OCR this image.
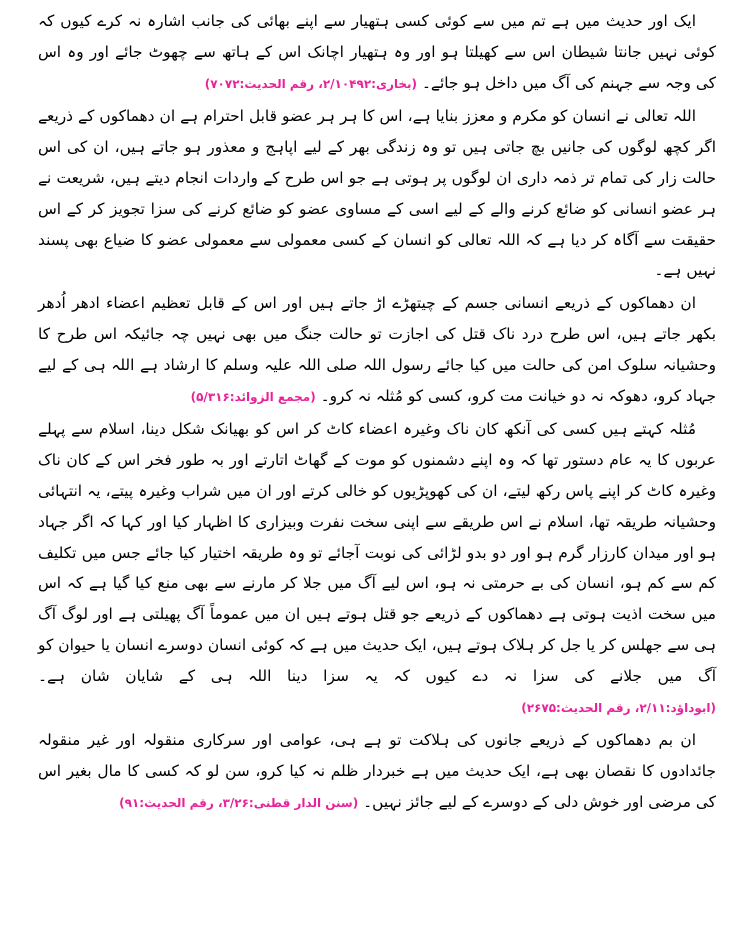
ایک اور حدیث میں ہے تم میں سے کوئی کسی ہتھیار سے اپنے بھائی کی جانب اشارہ نہ کرے کیوں کہ کوئی نہیں جانتا شیطان اس سے کھیلتا ہو اور وہ ہتھیار اچانک اس کے ہاتھ سے چھوٹ جائے اور وہ اس کی وجہ سے جہنم کی آگ میں داخل ہو جائے۔ (بخاری:۲/۱۰۴۹۲، رقم الحدیث:۷۰۷۲)

اللہ تعالی نے انسان کو مکرم و معزز بنایا ہے، اس کا ہر ہر عضو قابل احترام ہے ان دھماکوں کے ذریعے اگر کچھ لوگوں کی جانیں بچ جاتی ہیں تو وہ زندگی بھر کے لیے اپاہج و معذور ہو جاتے ہیں، ان کی اس حالت زار کی تمام تر ذمہ داری ان لوگوں پر ہوتی ہے جو اس طرح کے واردات انجام دیتے ہیں، شریعت نے ہر عضو انسانی کو ضائع کرنے والے کے لیے اسی کے مساوی عضو کو ضائع کرنے کی سزا تجویز کر کے اس حقیقت سے آگاہ کر دیا ہے کہ اللہ تعالی کو انسان کے کسی معمولی سے معمولی عضو کا ضیاع بھی پسند نہیں ہے۔

ان دھماکوں کے ذریعے انسانی جسم کے چیتھڑے اڑ جاتے ہیں اور اس کے قابل تعظیم اعضاء ادھر اُدھر بکھر جاتے ہیں، اس طرح درد ناک قتل کی اجازت تو حالت جنگ میں بھی نہیں چہ جائیکہ اس طرح کا وحشیانہ سلوک امن کی حالت میں کیا جائے رسول اللہ صلی اللہ علیہ وسلم کا ارشاد ہے اللہ ہی کے لیے جہاد کرو، دھوکہ نہ دو خیانت مت کرو، کسی کو مُثلہ نہ کرو۔ (مجمع الزوائد:۵/۳۱۶)

مُثلہ کہتے ہیں کسی کی آنکھ کان ناک وغیرہ اعضاء کاٹ کر اس کو بھیانک شکل دینا، اسلام سے پہلے عربوں کا یہ عام دستور تھا کہ وہ اپنے دشمنوں کو موت کے گھاٹ اتارتے اور بہ طور فخر اس کے کان ناک وغیرہ کاٹ کر اپنے پاس رکھ لیتے، ان کی کھوپڑیوں کو خالی کرتے اور ان میں شراب وغیرہ پیتے، یہ انتہائی وحشیانہ طریقہ تھا، اسلام نے اس طریقے سے اپنی سخت نفرت وبیزاری کا اظہار کیا اور کہا کہ اگر جہاد ہو اور میدان کارزار گرم ہو اور دو بدو لڑائی کی نوبت آجائے تو وہ طریقہ اختیار کیا جائے جس میں تکلیف کم سے کم ہو، انسان کی بے حرمتی نہ ہو، اس لیے آگ میں جلا کر مارنے سے بھی منع کیا گیا ہے کہ اس میں سخت اذیت ہوتی ہے دھماکوں کے ذریعے جو قتل ہوتے ہیں ان میں عموماً آگ پھیلتی ہے اور لوگ آگ ہی سے جھلس کر یا جل کر ہلاک ہوتے ہیں، ایک حدیث میں ہے کہ کوئی انسان دوسرے انسان یا حیوان کو آگ میں جلانے کی سزا نہ دے کیوں کہ یہ سزا دینا اللہ ہی کے شایان شان ہے۔ (ابوداؤد:۲/۱۱، رقم الحدیث:۲۶۷۵)

ان بم دھماکوں کے ذریعے جانوں کی ہلاکت تو ہے ہی، عوامی اور سرکاری منقولہ اور غیر منقولہ جائدادوں کا نقصان بھی ہے، ایک حدیث میں ہے خبردار ظلم نہ کیا کرو، سن لو کہ کسی کا مال بغیر اس کی مرضی اور خوش دلی کے دوسرے کے لیے جائز نہیں۔ (سنن الدار قطنی:۳/۲۶، رقم الحدیث:۹۱)
